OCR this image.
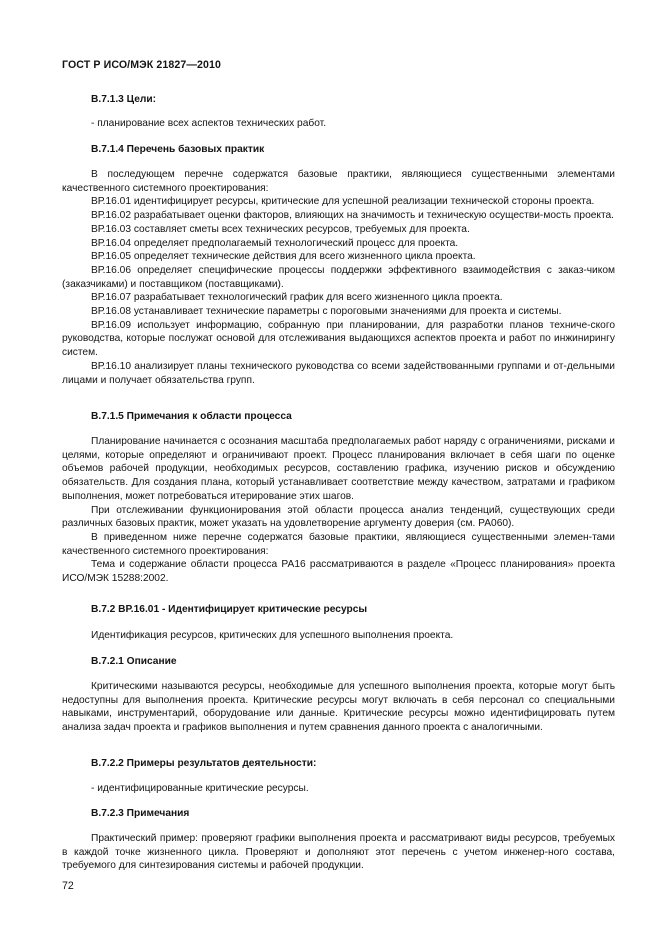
ГОСТ Р ИСО/МЭК 21827—2010
В.7.1.3 Цели:

- планирование всех аспектов технических работ.

В.7.1.4 Перечень базовых практик

В последующем перечне содержатся базовые практики, являющиеся существенными элементами качественного системного проектирования:

ВР.16.01 идентифицирует ресурсы, критические для успешной реализации технической стороны проекта.

ВР.16.02 разрабатывает оценки факторов, влияющих на значимость и техническую осуществи-мость проекта.

ВР.16.03 составляет сметы всех технических ресурсов, требуемых для проекта.

ВР.16.04 определяет предполагаемый технологический процесс для проекта.

ВР.16.05 определяет технические действия для всего жизненного цикла проекта.

ВР.16.06 определяет специфические процессы поддержки эффективного взаимодействия с заказ-чиком (заказчиками) и поставщиком (поставщиками).

ВР.16.07 разрабатывает технологический график для всего жизненного цикла проекта.

ВР.16.08 устанавливает технические параметры с пороговыми значениями для проекта и системы.

ВР.16.09 использует информацию, собранную при планировании, для разработки планов техниче-ского руководства, которые послужат основой для отслеживания выдающихся аспектов проекта и работ по инжинирингу систем.

ВР.16.10 анализирует планы технического руководства со всеми задействованными группами и от-дельными лицами и получает обязательства групп.

В.7.1.5 Примечания к области процесса

Планирование начинается с осознания масштаба предполагаемых работ наряду с ограничениями, рисками и целями, которые определяют и ограничивают проект. Процесс планирования включает в себя шаги по оценке объемов рабочей продукции, необходимых ресурсов, составлению графика, изучению рисков и обсуждению обязательств. Для создания плана, который устанавливает соответствие между качеством, затратами и графиком выполнения, может потребоваться итерирование этих шагов.

При отслеживании функционирования этой области процесса анализ тенденций, существующих среди различных базовых практик, может указать на удовлетворение аргументу доверия (см. РА060).

В приведенном ниже перечне содержатся базовые практики, являющиеся существенными элемен-тами качественного системного проектирования:

Тема и содержание области процесса РА16 рассматриваются в разделе «Процесс планирования» проекта ИСО/МЭК 15288:2002.

В.7.2 ВР.16.01 - Идентифицирует критические ресурсы

Идентификация ресурсов, критических для успешного выполнения проекта.

В.7.2.1 Описание

Критическими называются ресурсы, необходимые для успешного выполнения проекта, которые могут быть недоступны для выполнения проекта. Критические ресурсы могут включать в себя персонал со специальными навыками, инструментарий, оборудование или данные. Критические ресурсы можно идентифицировать путем анализа задач проекта и графиков выполнения и путем сравнения данного проекта с аналогичными.

В.7.2.2 Примеры результатов деятельности:

- идентифицированные критические ресурсы.

В.7.2.3 Примечания

Практический пример: проверяют графики выполнения проекта и рассматривают виды ресурсов, требуемых в каждой точке жизненного цикла. Проверяют и дополняют этот перечень с учетом инженер-ного состава, требуемого для синтезирования системы и рабочей продукции.

72
